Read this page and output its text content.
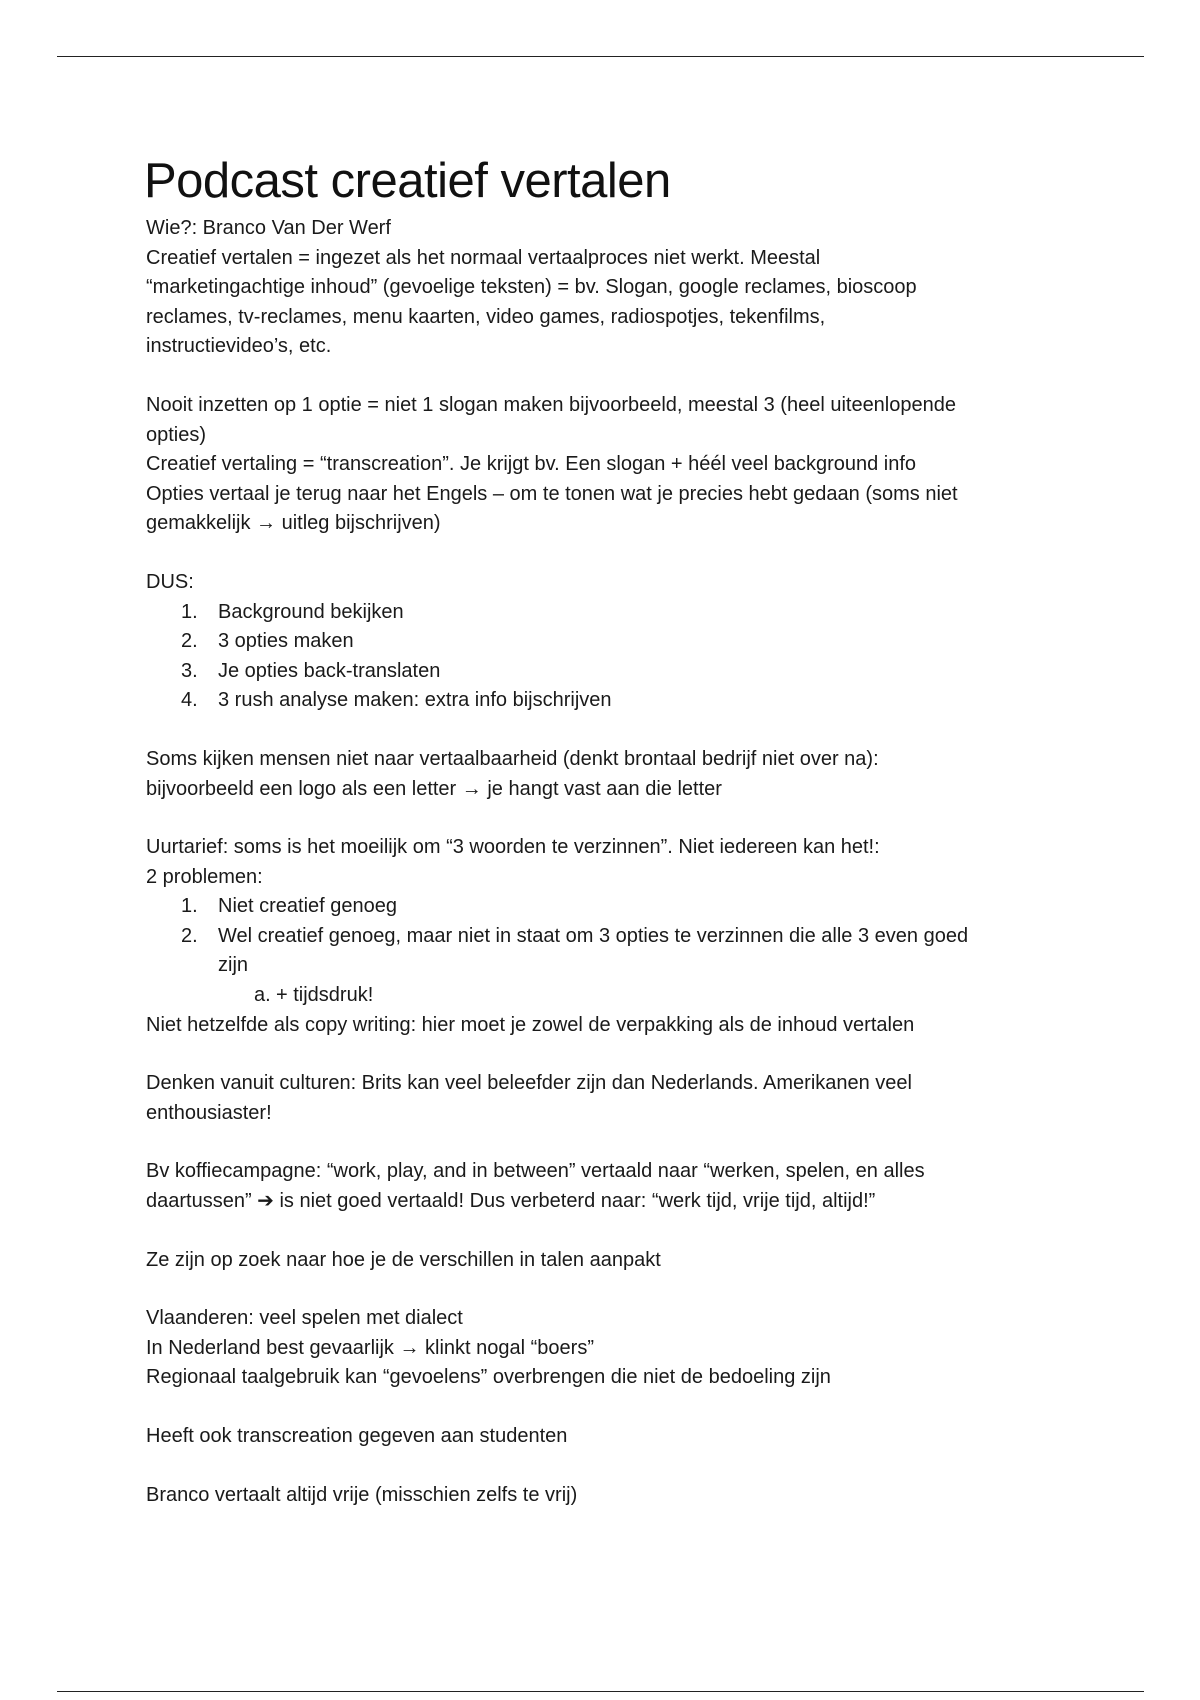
Podcast creatief vertalen
Wie?: Branco Van Der Werf
Creatief vertalen = ingezet als het normaal vertaalproces niet werkt. Meestal
“marketingachtige inhoud” (gevoelige teksten) = bv. Slogan, google reclames, bioscoop
reclames, tv-reclames, menu kaarten, video games, radiospotjes, tekenfilms,
instructievideo’s, etc.
Nooit inzetten op 1 optie = niet 1 slogan maken bijvoorbeeld, meestal 3 (heel uiteenlopende
opties)
Creatief vertaling = “transcreation”. Je krijgt bv. Een slogan + héél veel background info
Opties vertaal je terug naar het Engels – om te tonen wat je precies hebt gedaan (soms niet
gemakkelijk → uitleg bijschrijven)
DUS:
1. Background bekijken
2. 3 opties maken
3. Je opties back-translaten
4. 3 rush analyse maken: extra info bijschrijven
Soms kijken mensen niet naar vertaalbaarheid (denkt brontaal bedrijf niet over na):
bijvoorbeeld een logo als een letter → je hangt vast aan die letter
Uurtarief: soms is het moeilijk om “3 woorden te verzinnen”. Niet iedereen kan het!:
2 problemen:
1. Niet creatief genoeg
2. Wel creatief genoeg, maar niet in staat om 3 opties te verzinnen die alle 3 even goed
zijn
a. + tijdsdruk!
Niet hetzelfde als copy writing: hier moet je zowel de verpakking als de inhoud vertalen
Denken vanuit culturen: Brits kan veel beleefder zijn dan Nederlands. Amerikanen veel
enthousiaster!
Bv koffiecampagne: “work, play, and in between” vertaald naar “werken, spelen, en alles
daartussen” ➔ is niet goed vertaald! Dus verbeterd naar: “werk tijd, vrije tijd, altijd!”
Ze zijn op zoek naar hoe je de verschillen in talen aanpakt
Vlaanderen: veel spelen met dialect
In Nederland best gevaarlijk → klinkt nogal “boers”
Regionaal taalgebruik kan “gevoelens” overbrengen die niet de bedoeling zijn
Heeft ook transcreation gegeven aan studenten
Branco vertaalt altijd vrije (misschien zelfs te vrij)
